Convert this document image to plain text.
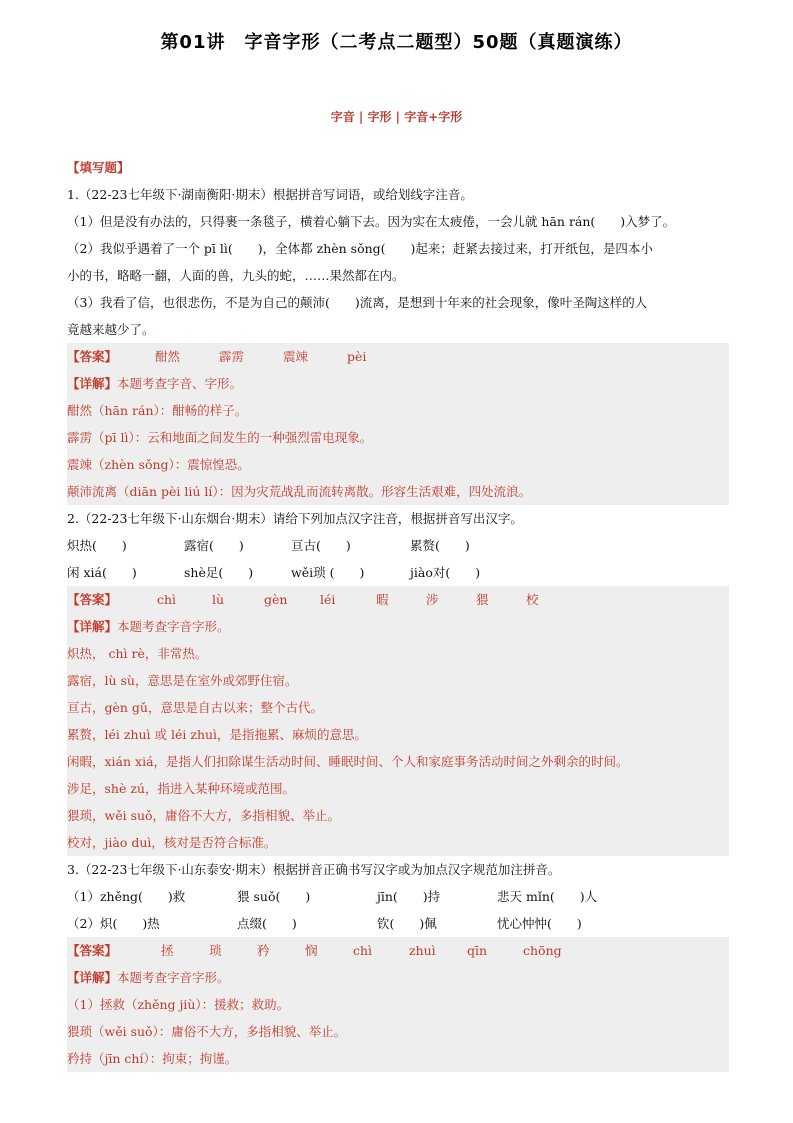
第01讲　字音字形（二考点二题型）50题（真题演练）
字音 | 字形 | 字音+字形
【填写题】
1.（22-23七年级下·湖南衡阳·期末）根据拼音写词语，或给划线字注音。
（1）但是没有办法的，只得裹一条毯子，横着心躺下去。因为实在太疲倦，一会儿就 hān rán(　　)入梦了。
（2）我似乎遇着了一个 pī lì(　　)，全体都 zhèn sǒng(　　)起来；赶紧去接过来，打开纸包，是四本小
小的书，略略一翻，人面的兽，九头的蛇，……果然都在内。
（3）我看了信，也很悲伤，不是为自己的颠沛(　　)流离，是想到十年来的社会现象，像叶圣陶这样的人
竟越来越少了。
【答案】	酣然	霹雳	震竦	pèi
【详解】本题考查字音、字形。
酣然（hān rán）：酣畅的样子。
霹雳（pī lì）：云和地面之间发生的一种强烈雷电现象。
震竦（zhèn sǒng）：震惊惶恐。
颠沛流离（diān pèi liú lí）：因为灾荒战乱而流转离散。形容生活艰难，四处流浪。
2.（22-23七年级下·山东烟台·期末）请给下列加点汉字注音，根据拼音写出汉字。
炽热(　　)	露宿(　　)	亘古(　　)	累赘(　　)
闲 xiá(　　)	shè足(　　)	wěi琐 (　　)	jiào对(　　)
【答案】	chì	lù	gèn	léi	暇	涉	猥	校
【详解】本题考查字音字形。
炽热， chì rè，非常热。
露宿，lù sù，意思是在室外或郊野住宿。
亘古，gèn gǔ，意思是自古以来；整个古代。
累赘，léi zhuì 或 léi zhuì，是指拖累、麻烦的意思。
闲暇，xián xiá，是指人们扣除谋生活动时间、睡眠时间、个人和家庭事务活动时间之外剩余的时间。
涉足，shè zú，指进入某种环境或范围。
猥琐，wěi suǒ，庸俗不大方，多指相貌、举止。
校对，jiào duì，核对是否符合标准。
3.（22-23七年级下·山东泰安·期末）根据拼音正确书写汉字或为加点汉字规范加注拼音。
（1）zhěng(　　)救	猥 suǒ(　　)	jīn(　　)持	悲天 mǐn(　　)人
（2）炽(　　)热	点缀(　　)	钦(　　)佩	忧心忡忡(　　)
【答案】	拯	琐	矜	悯	chì	zhuì	qīn	chōng
【详解】本题考查字音字形。
（1）拯救（zhěng jiù）：援救；救助。
猥琐（wěi suǒ）：庸俗不大方，多指相貌、举止。
矜持（jīn chí）：拘束；拘谨。
